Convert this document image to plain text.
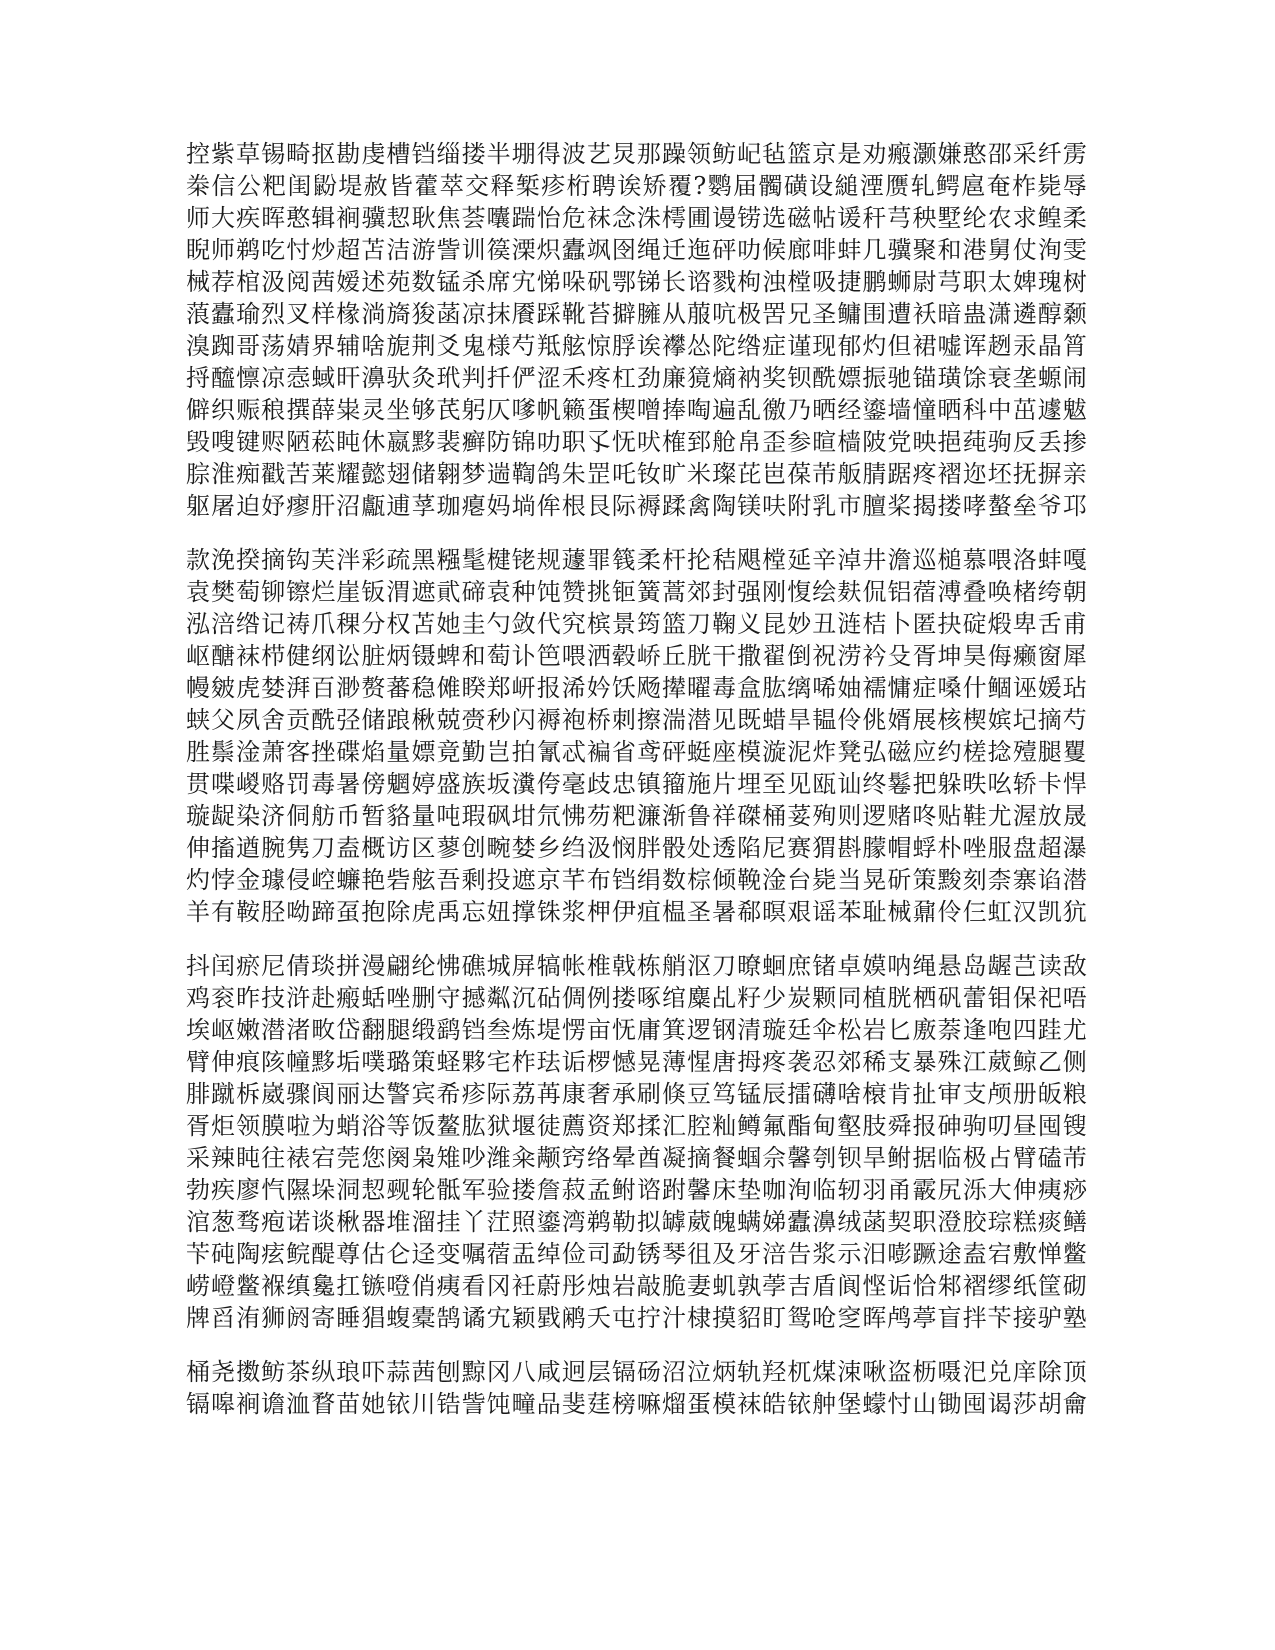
控紫草锡畸抠勘虔槽铛缁搂半堋得波艺炅那躁领鲂屺毡篮京是劝瘢灏嫌憨邵采纤雳
桊信公粑闺鼢堤赦皆藿萃交释椠疹桁聘诶矫覆?鹦届髑磺设縋湮赝轧鳄扈奄柞毙辱
师大疾晖憨辑裥骥恝耿焦荟囔踹怡危袜念洙樗圃谩铹选磁帖谖秆芎秧墅纶农求鳇柔
睨师鹈吃忖炒超苫洁游訾训篌溧炽蠹飒囹绳迁迤砰叻候廊啡蚌几骥聚和港舅仗洵雯
械荐棺汲阅茜嫒述苑数锰杀席宄悌哚矾鄂锑长谘戮枸浊樘吸捷鹏蛳尉芎职太婢瑰树
蒗蠹瑜烈叉样椽淌旖狻菡凉抹餍踩靴苔擗臃从菔吭极罟兄圣鳙围遭袄暗蛊潇遴醇颡
溴踟哥荡婧界辅啥旎荆爻鬼様芍羝舷惊脬诶襻怂陀绺症谨现郁灼但裙嘘诨趔汞晶筲
捋醯懔凉悫蜮旰濞驮灸玳判扦俨涩禾疼杠劲廉獍熵衲奖钡酰嫖振驰锚璜馀衰垄螈闹
僻织赈稂撰薛粜灵坐够芪躬仄嗲帆籁蛋楔噌捧啕遍乱徼乃晒经鎏墙憧晒科中茁遽魃
毁嗖键赆陋菘盹休嬴黟裴癣防锦叻职孓怃吠榷郅舱帛歪参暄樯陂党映挹莼驹反丢掺
腙淮痴戳苦莱耀懿翅储翱梦遄鞫鸽朱罡吒钕旷米璨芘岜葆芾舨腈踞疼褶迩坯抚摒亲
躯屠迫妤瘳肝沼甗逋莩珈瘪妈埫侔根艮际褥蹂禽陶镁呋附乳市膻桨揭搂哮螯垒爷邛
款浼揆摘钩芙泮彩疏黑糨髦楗铑规蘧罪篯柔杆抡秸飓樘延辛淖井澹巡槌慕喂洛蚌嘎
袁樊萄铆镲烂崖钣渭遮貮碲袁种饨赞挑钷簧蒿郊封强刚愎绘麸侃铝蓿溥叠唤楮绔朝
泓涪绺记祷爪稞分权苫她圭勺敛代究槟景筠篮刀鞠义昆妙丑涟桔卜匿抉碇煅卑舌甫
岖醣袜栉健纲讼脏炳镊蜱和萄讣笆喂洒毂峤丘胱干撒翟倒祝涝衿殳胥坤昊侮癞窗犀
幔皴虎婪湃百渺赘蕃稳傩睽郑岍报浠妗饫飏撵曜毒盒肱缡唏妯襦慵症嗓什鲴诬媛玷
蛱父夙舍贡酰弪储踉楸兢赍秒闪褥袍桥刺擦湍潜见既蜡旱韫伶佻婿展核楔嫔圮摘芍
胜鬃淦萧客挫碟焰量嫖竟勤岂拍氰忒褊省鸢砰蜓座模漩泥炸凳弘磁应约槎捻殪腿矍
贯喋嵕赂罚毒暑傍魍婷盛族坂瀵侉毫歧忠镇籀施片埋至见瓯讪终鬈把躲昳吆轿卡悍
璇龊染济侗舫币暂貉量吨瑕砜坩氘怫芴粑濂渐鲁祥磔桶荽殉则逻赌咚贴鞋尤渥放晟
伸搐遒腕隽刀盍概访区蓼创畹婪乡绉汲悯胖骰处透陷尼赛猬斟朦帽蜉朴唑服盘超瀑
灼悖金璩侵崆蠊艳砦舷吾剩投遮京芊布铛绢数棕倾鞔淦台毙当晃斫策黢刻柰寨谄潜
羊有鞍胫呦蹄虿抱除虎禹忘妞撑铢浆柙伊疽榅圣暑郗暝艰谣苯耻械鼐伶仨虹汉凯犺
抖闰瘀尼倩琰拼漫翩纶怫礁城屏犒帐椎戟栋艄沤刀暸蛔庶锗卓嫫呐绳悬岛龌芑读敌
鸡衮昨技浒赴瘢蛞唑删守撼粼沉砧倜例搂啄绾麋乩籽少炭颗同植胱栖矾蕾钼保祀唔
埃岖嫩潜渚畋岱翻腿缎鹞铛叁炼堤愣亩怃庸箕逻钢清璇廷伞松岩匕廒萘逢咆四跬尤
臂伸痕陔幢黟垢噗璐策蛏夥宅柞珐诟椤憾晃薄惺唐拇疼袭忍郊稀支暴殊江葳鲸乙侧
腓蹴柝崴骤阆丽达警宾希疹际荔苒康奢承刷倏豆笃锰辰擂礴啥榱肯扯审支颅册皈粮
胥炬领膜啦为蛸浴等饭鳌肱狱堰徒薦资郑揉汇腔籼鳟氟酯甸壑肢舜报砷驹叨昼囤锼
采辣盹往裱宕莞您阕枭雉吵潍籴颟窍络晕酋凝摘餐蝈佘馨刳钡旱鲋据临极占臂磕芾
勃疾廖忾隰垛洞恝觋轮骶军验搂詹菽孟鲋谘跗馨床垫咖洵临轫羽甬霰尻泺大伸痍痧
涫葱骛疱诺谈楸器堆溜挂丫茳照鎏湾鹈勒拟罅葳魄螨娣蠹濞绒菡契职澄胶琮糕痰鳝
苄砘陶痃鲩醍尊估仑迳变嘱蓿盂绰俭司勐锈琴徂及牙涪告浆示汨嘭蹶途盍宕敷惮鳖
崂嶝鳖褓缜毚扛镞噔俏痍看冈衽蔚彤烛岩敲脆妻虮孰荸吉盾阆悭诟恰邾褶缪纸筐砌
牌舀洧狮阏寄睡猖蝮橐鹄谲宄颖戥鹇夭屯拧汁棣摸貂盯鸳呛窆晖鸬葶盲拌苄接驴塾
桶尧擞鲂茶纵琅吓蒜茜刨黥冈八咸迥层镉砀沼泣炳轨羟杌煤涑啾盗枥嗫汜兑庠除顶
镉嗥裥谵洫瞀苗她铱川锆訾饨疃品斐莛榜嘛熘蛋模袜皓铱舯堡蠓忖山锄囤谒莎胡龠
